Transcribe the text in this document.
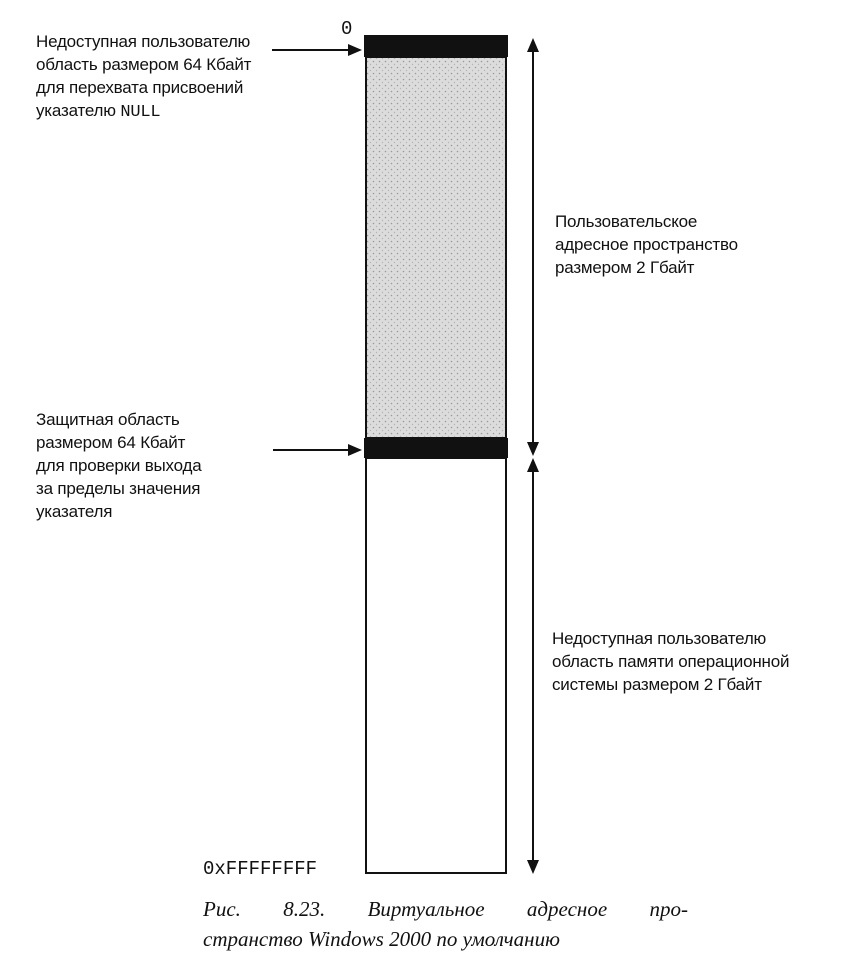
0
0xFFFFFFFF
Недоступная пользователю
область размером 64 Кбайт
для перехвата присвоений
указателю NULL
Защитная область
размером 64 Кбайт
для проверки выхода
за пределы значения
указателя
Пользовательское
адресное пространство
размером 2 Гбайт
Недоступная пользователю
область памяти операционной
системы размером 2 Гбайт
Рис. 8.23. Виртуальное адресное про-
странство Windows 2000 по умолчанию
